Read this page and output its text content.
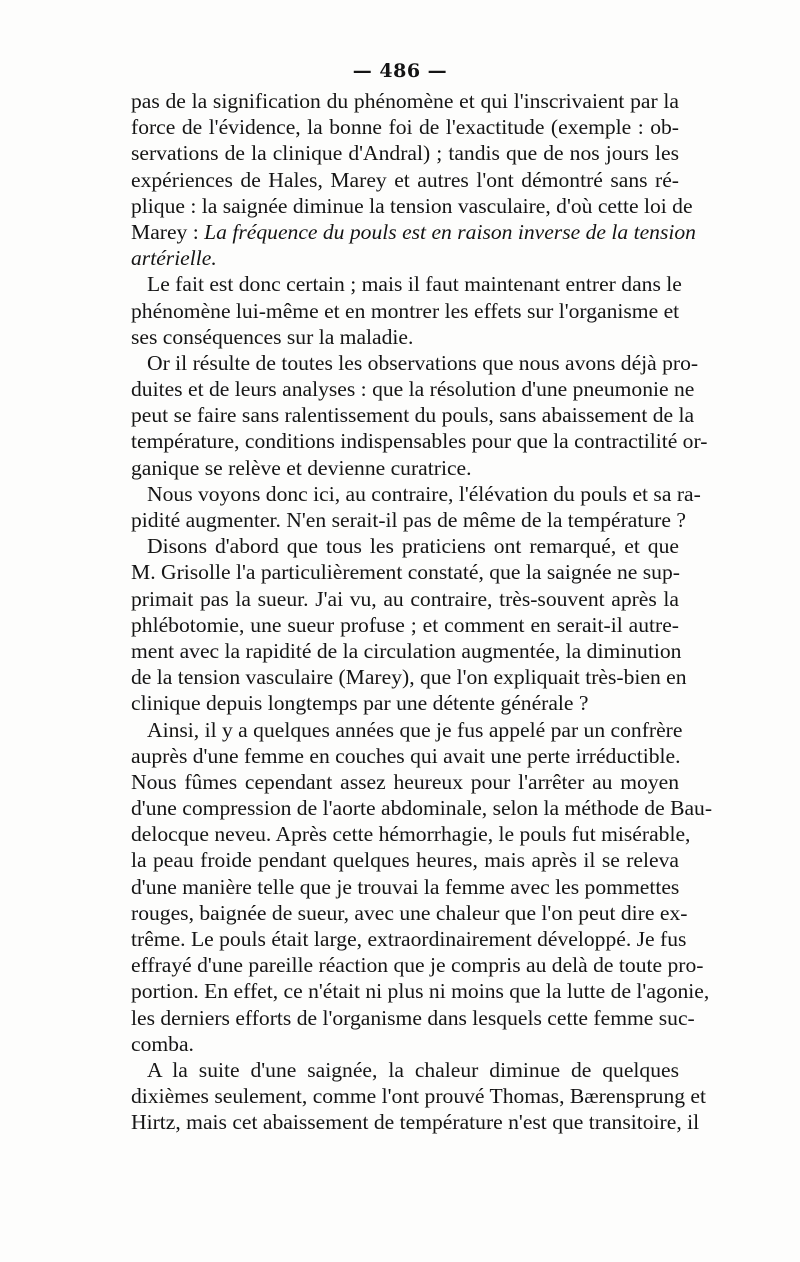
— 486 —
pas de la signification du phénomène et qui l'inscrivaient par la
force de l'évidence, la bonne foi de l'exactitude (exemple : ob-
servations de la clinique d'Andral) ; tandis que de nos jours les
expériences de Hales, Marey et autres l'ont démontré sans ré-
plique : la saignée diminue la tension vasculaire, d'où cette loi de
Marey : La fréquence du pouls est en raison inverse de la tension
artérielle.
Le fait est donc certain ; mais il faut maintenant entrer dans le
phénomène lui-même et en montrer les effets sur l'organisme et
ses conséquences sur la maladie.
Or il résulte de toutes les observations que nous avons déjà pro-
duites et de leurs analyses : que la résolution d'une pneumonie ne
peut se faire sans ralentissement du pouls, sans abaissement de la
température, conditions indispensables pour que la contractilité or-
ganique se relève et devienne curatrice.
Nous voyons donc ici, au contraire, l'élévation du pouls et sa ra-
pidité augmenter. N'en serait-il pas de même de la température ?
Disons d'abord que tous les praticiens ont remarqué, et que
M. Grisolle l'a particulièrement constaté, que la saignée ne sup-
primait pas la sueur. J'ai vu, au contraire, très-souvent après la
phlébotomie, une sueur profuse ; et comment en serait-il autre-
ment avec la rapidité de la circulation augmentée, la diminution
de la tension vasculaire (Marey), que l'on expliquait très-bien en
clinique depuis longtemps par une détente générale ?
Ainsi, il y a quelques années que je fus appelé par un confrère
auprès d'une femme en couches qui avait une perte irréductible.
Nous fûmes cependant assez heureux pour l'arrêter au moyen
d'une compression de l'aorte abdominale, selon la méthode de Bau-
delocque neveu. Après cette hémorrhagie, le pouls fut misérable,
la peau froide pendant quelques heures, mais après il se releva
d'une manière telle que je trouvai la femme avec les pommettes
rouges, baignée de sueur, avec une chaleur que l'on peut dire ex-
trême. Le pouls était large, extraordinairement développé. Je fus
effrayé d'une pareille réaction que je compris au delà de toute pro-
portion. En effet, ce n'était ni plus ni moins que la lutte de l'agonie,
les derniers efforts de l'organisme dans lesquels cette femme suc-
comba.
A la suite d'une saignée, la chaleur diminue de quelques
dixièmes seulement, comme l'ont prouvé Thomas, Bærensprung et
Hirtz, mais cet abaissement de température n'est que transitoire, il
